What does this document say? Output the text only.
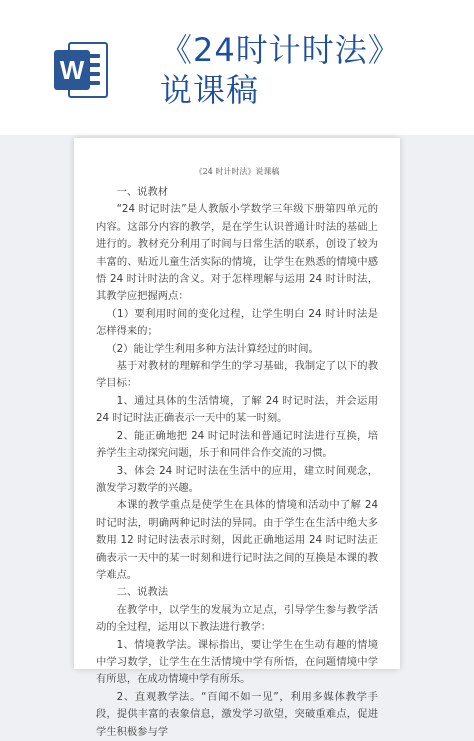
W
《24时计时法》
说课稿
《24 时计时法》说课稿

一、说教材

“24 时记时法”是人教版小学数学三年级下册第四单元的内容。这部分内容的教学，是在学生认识普通计时法的基础上进行的。教材充分利用了时间与日常生活的联系，创设了较为丰富的、贴近儿童生活实际的情境，让学生在熟悉的情境中感悟 24 时计时法的含义。对于怎样理解与运用 24 时计时法，其教学应把握两点：

（1）要利用时间的变化过程，让学生明白 24 时计时法是怎样得来的；

（2）能让学生利用多种方法计算经过的时间。

基于对教材的理解和学生的学习基础，我制定了以下的教学目标：

1、通过具体的生活情境，了解 24 时记时法，并会运用 24 时记时法正确表示一天中的某一时刻。

2、能正确地把 24 时记时法和普通记时法进行互换，培养学生主动探究问题，乐于和同伴合作交流的习惯。

3、体会 24 时记时法在生活中的应用，建立时间观念，激发学习数学的兴趣。

本课的教学重点是使学生在具体的情境和活动中了解 24 时记时法，明确两种记时法的异同。由于学生在生活中绝大多数用 12 时记时法表示时刻，因此正确地运用 24 时记时法正确表示一天中的某一时刻和进行记时法之间的互换是本课的教学难点。

二、说教法

在教学中，以学生的发展为立足点，引导学生参与教学活动的全过程，运用以下教法进行教学：

1、情境教学法。课标指出，要让学生在生动有趣的情境中学习数学，让学生在生活情境中学有所悟，在问题情境中学有所思，在成功情境中学有所乐。

2、直观教学法。“百闻不如一见”，利用多媒体教学手段，提供丰富的表象信息，激发学习欲望，突破重难点，促进学生积极参与学
